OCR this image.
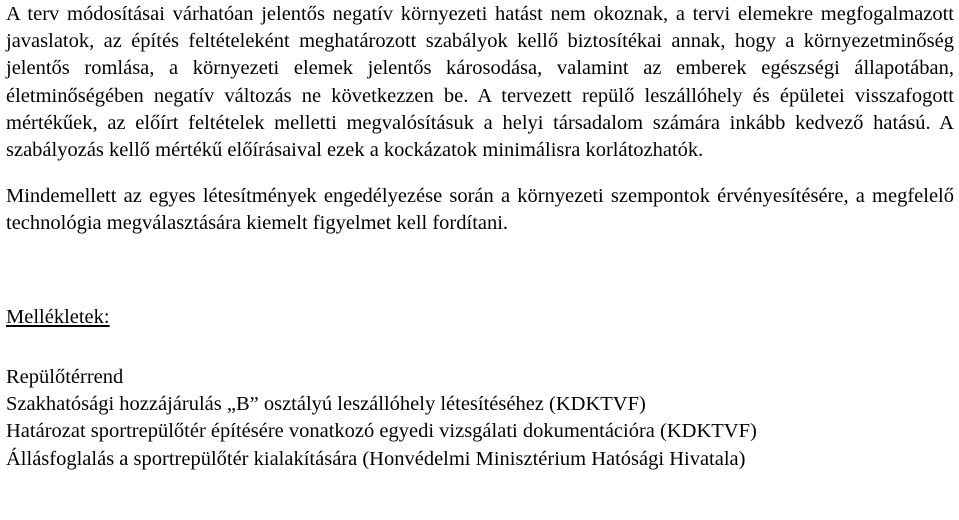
A terv módosításai várhatóan jelentős negatív környezeti hatást nem okoznak, a tervi elemekre megfogalmazott javaslatok, az építés feltételeként meghatározott szabályok kellő biztosítékai annak, hogy a környezetminőség jelentős romlása, a környezeti elemek jelentős károsodása, valamint az emberek egészségi állapotában, életminőségében negatív változás ne következzen be. A tervezett repülő leszállóhely és épületei visszafogott mértékűek, az előírt feltételek melletti megvalósításuk a helyi társadalom számára inkább kedvező hatású. A szabályozás kellő mértékű előírásaival ezek a kockázatok minimálisra korlátozhatók.

Mindemellett az egyes létesítmények engedélyezése során a környezeti szempontok érvényesítésére, a megfelelő technológia megválasztására kiemelt figyelmet kell fordítani.

Mellékletek:

Repülőtérrend
Szakhatósági hozzájárulás „B” osztályú leszállóhely létesítéséhez (KDKTVF)
Határozat sportrepülőtér építésére vonatkozó egyedi vizsgálati dokumentációra (KDKTVF)
Állásfoglalás a sportrepülőtér kialakítására (Honvédelmi Minisztérium Hatósági Hivatala)
